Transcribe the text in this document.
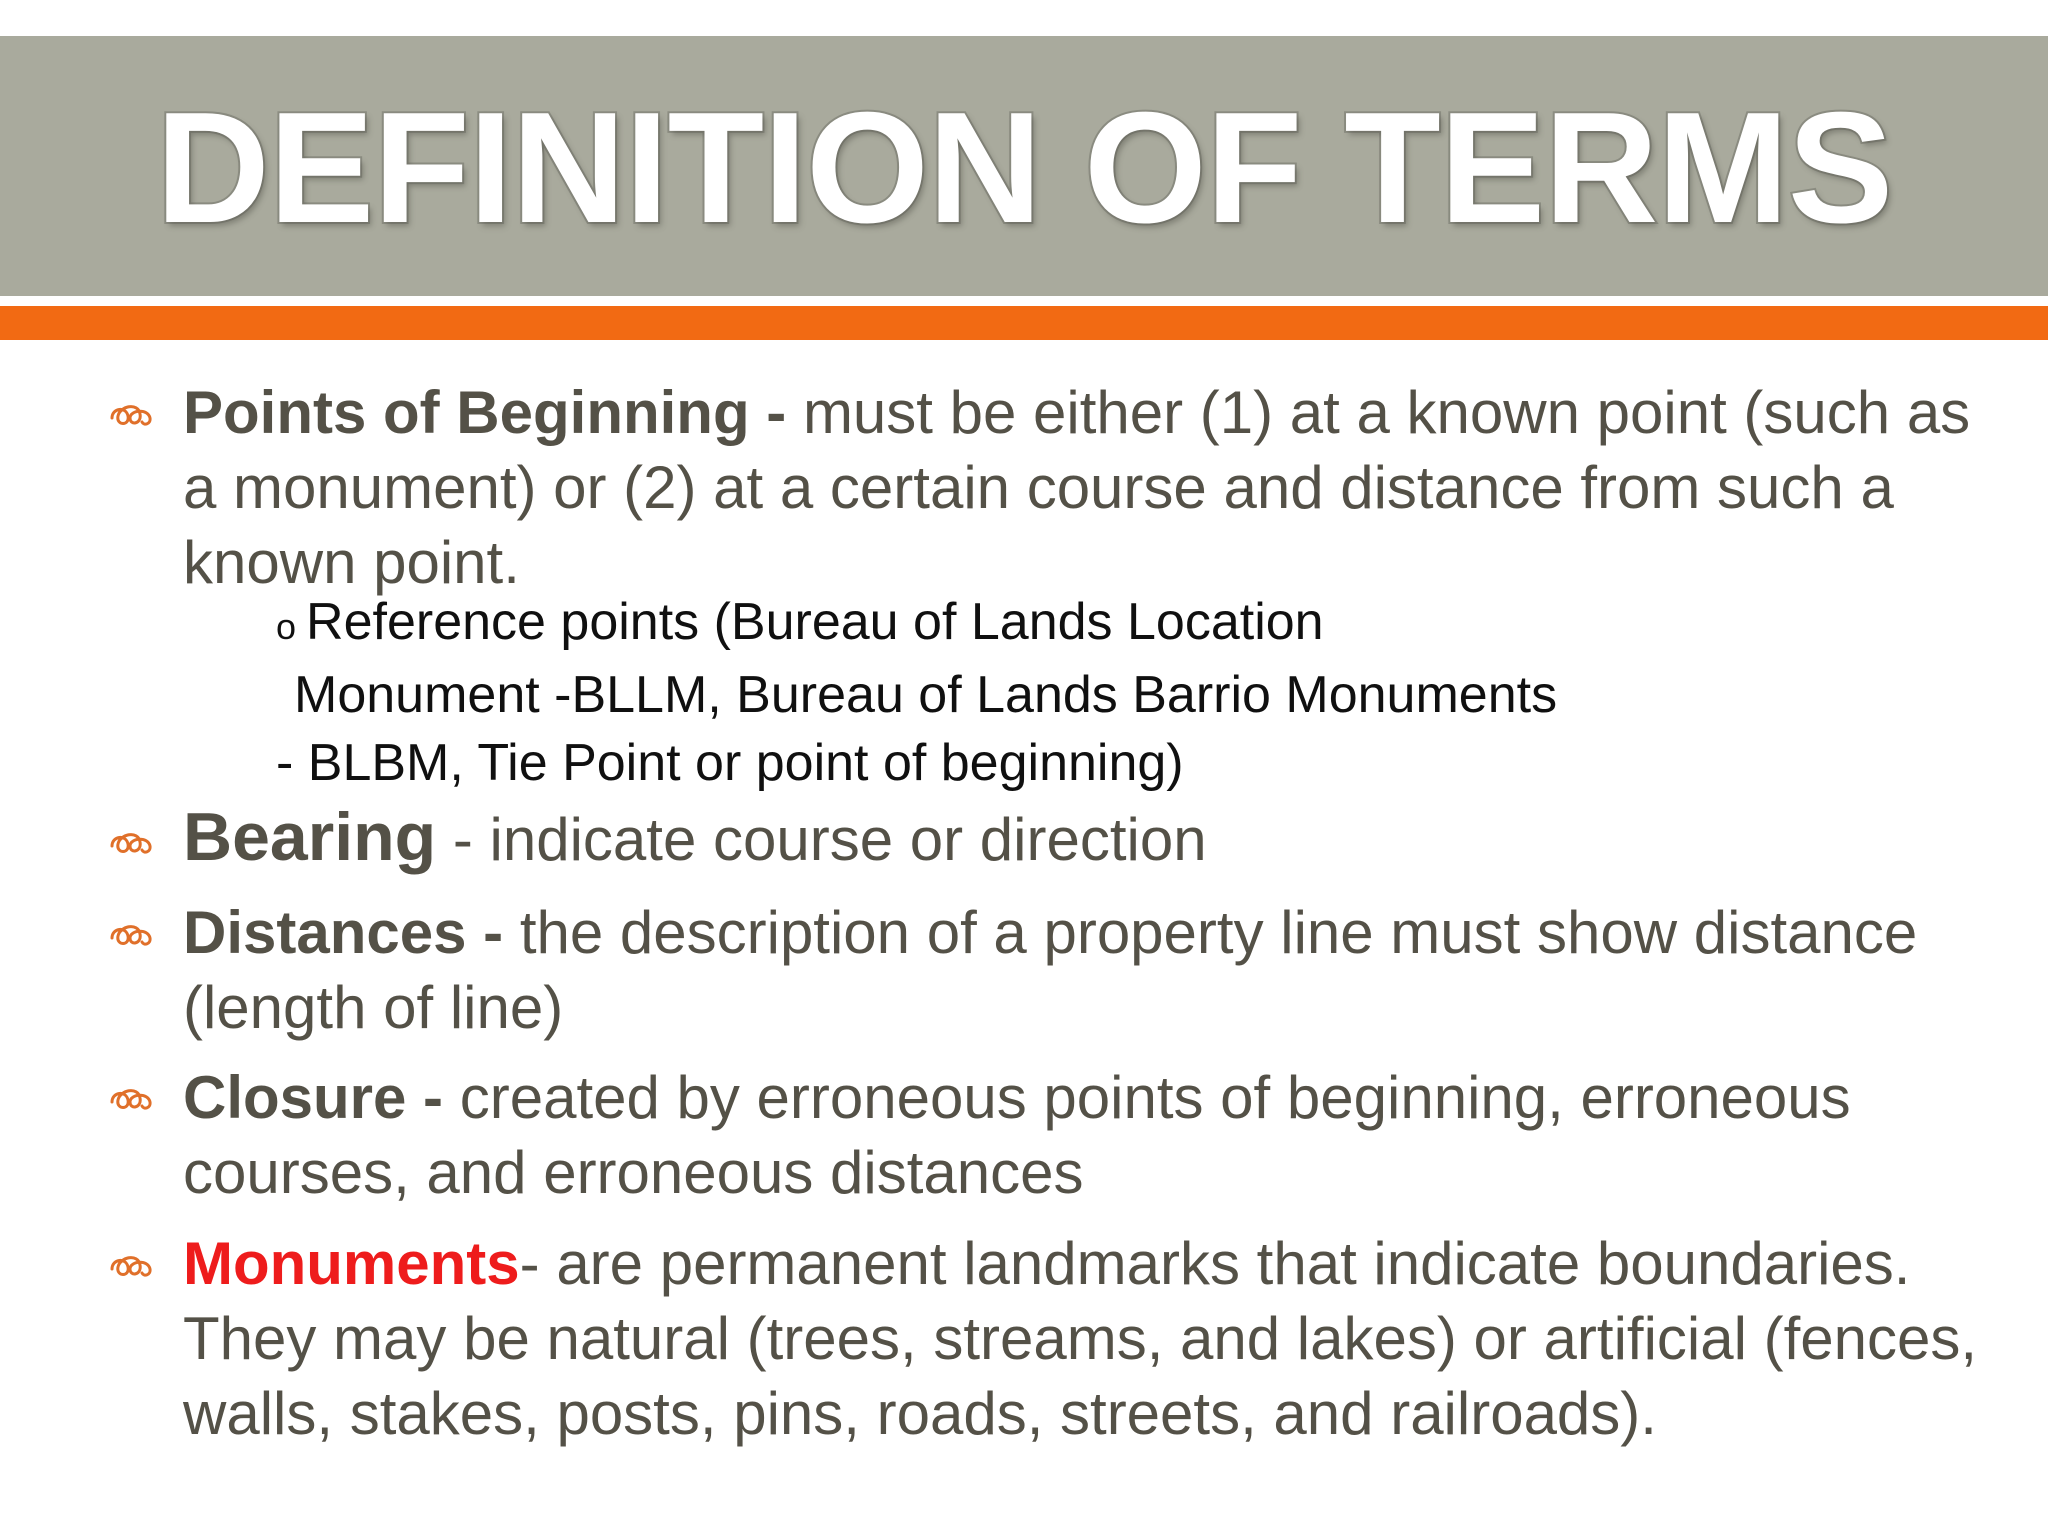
DEFINITION OF TERMS

Points of Beginning - must be either (1) at a known point (such as a monument) or (2) at a certain course and distance from such a known point.

o Reference points (Bureau of Lands Location
Monument -BLLM, Bureau of Lands Barrio Monuments
- BLBM, Tie Point or point of beginning)

Bearing - indicate course or direction

Distances - the description of a property line must show distance (length of line)

Closure - created by erroneous points of beginning, erroneous courses, and erroneous distances

Monuments- are permanent landmarks that indicate boundaries. They may be natural (trees, streams, and lakes) or artificial (fences, walls, stakes, posts, pins, roads, streets, and railroads).
